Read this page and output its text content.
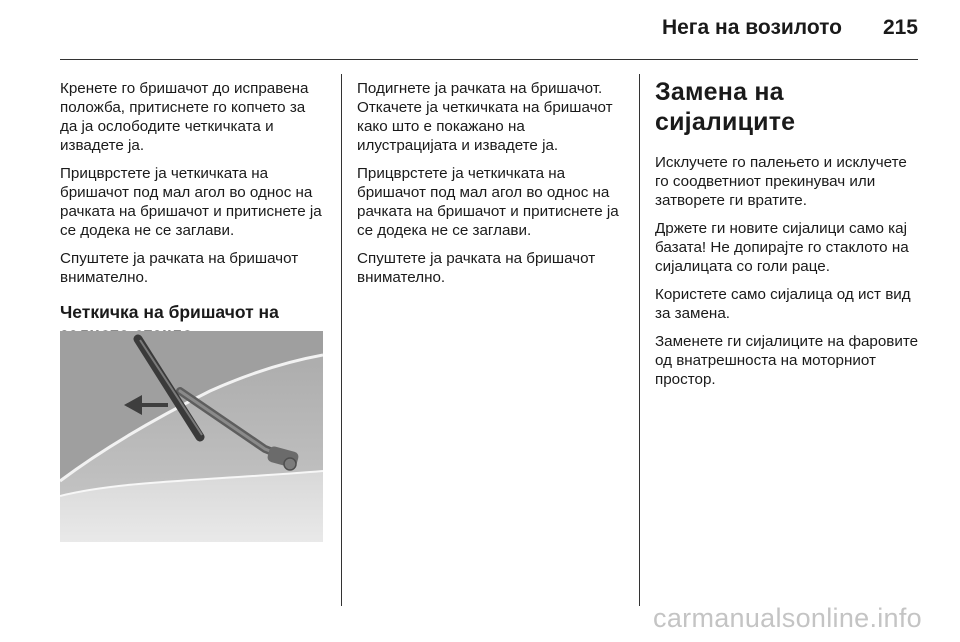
Нега на возилото 215

Кренете го бришачот до исправена положба, притиснете го копчето за да ја ослободите четкичката и извадете ја.

Прицврстете ја четкичката на бришачот под мал агол во однос на рачката на бришачот и притиснете ја се додека не се заглави.

Спуштете ја рачката на бришачот внимателно.

Четкичка на бришачот на

Подигнете ја рачката на бришачот. Откачете ја четкичката на бришачот како што е покажано на илустрацијата и извадете ја.

Прицврстете ја четкичката на бришачот под мал агол во однос на рачката на бришачот и притиснете ја се додека не се заглави.

Спуштете ја рачката на бришачот внимателно.

Замена на сијалиците

Исклучете го палењето и исклучете го соодветниот прекинувач или затворете ги вратите.

Држете ги новите сијалици само кај базата! Не допирајте го стаклото на сијалицата со голи раце.

Користете само сијалица од ист вид за замена.

Заменете ги сијалиците на фаровите од внатрешноста на моторниот простор.

carmanualsonline.info
